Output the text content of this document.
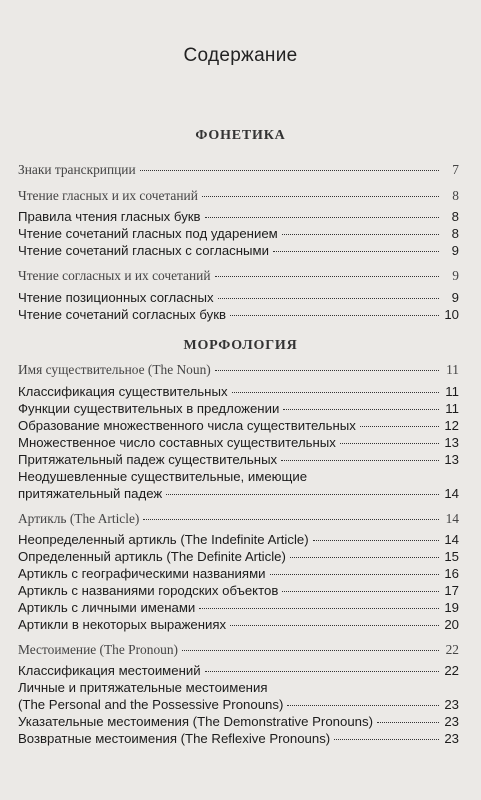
Содержание
ФОНЕТИКА
Знаки транскрипции	7
Чтение гласных и их сочетаний	8
Правила чтения гласных букв	8
Чтение сочетаний гласных под ударением	8
Чтение сочетаний гласных с согласными	9
Чтение согласных и их сочетаний	9
Чтение позиционных согласных	9
Чтение сочетаний согласных букв	10
МОРФОЛОГИЯ
Имя существительное (The Noun)	11
Классификация существительных	11
Функции существительных в предложении	11
Образование множественного числа существительных	12
Множественное число составных существительных	13
Притяжательный падеж существительных	13
Неодушевленные существительные, имеющие
притяжательный падеж	14
Артикль (The Article)	14
Неопределенный артикль (The Indefinite Article)	14
Определенный артикль (The Definite Article)	15
Артикль с географическими названиями	16
Артикль с названиями городских объектов	17
Артикль с личными именами	19
Артикли в некоторых выражениях	20
Местоимение (The Pronoun)	22
Классификация местоимений	22
Личные и притяжательные местоимения
(The Personal and the Possessive Pronouns)	23
Указательные местоимения (The Demonstrative Pronouns)	23
Возвратные местоимения (The Reflexive Pronouns)	23
